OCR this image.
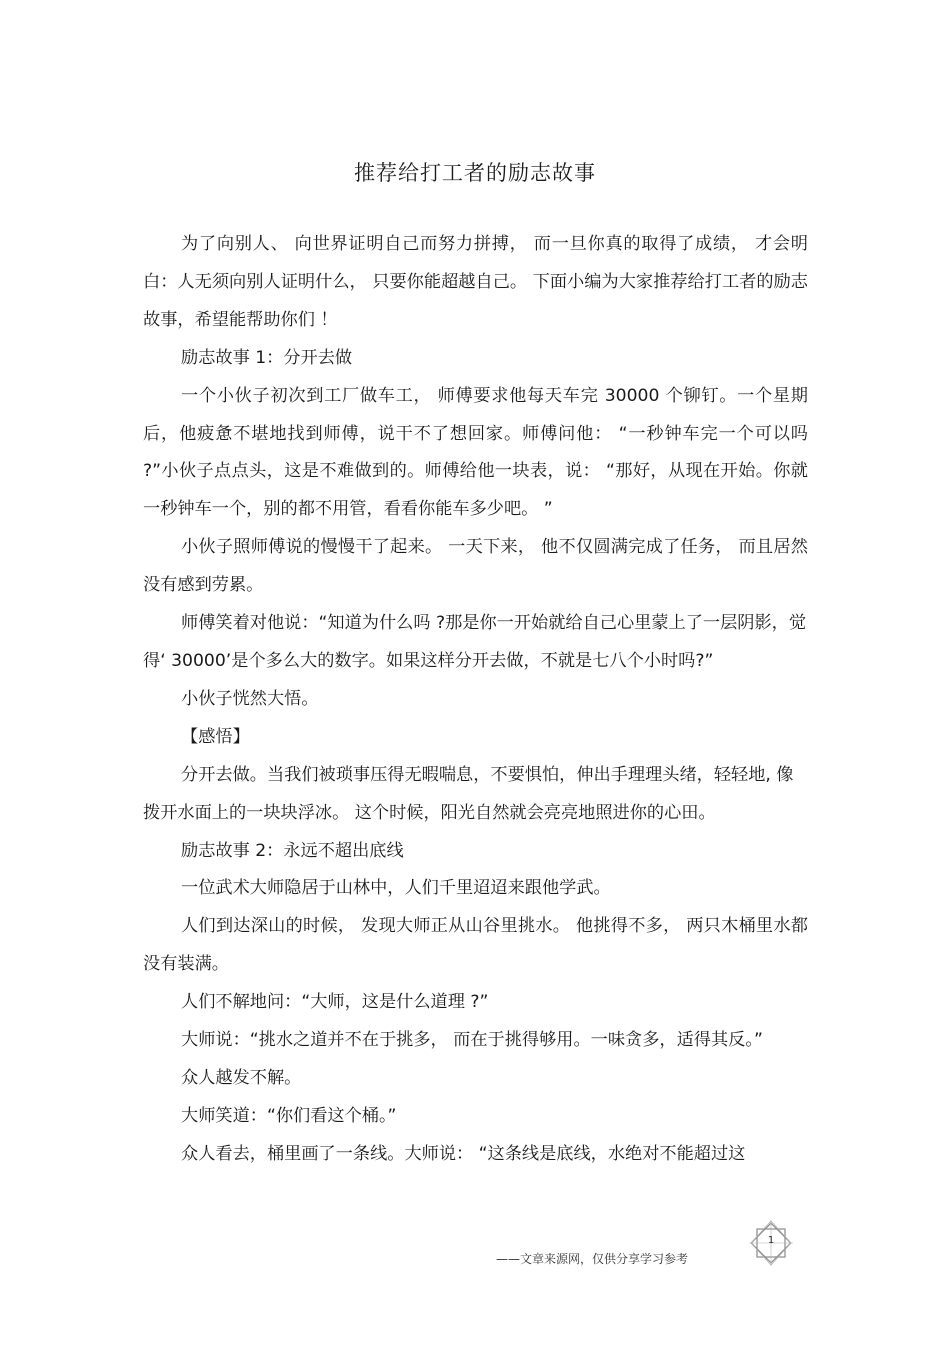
推荐给打工者的励志故事

为了向别人、 向世界证明自己而努力拼搏， 而一旦你真的取得了成绩， 才会明白：人无须向别人证明什么， 只要你能超越自己。 下面小编为大家推荐给打工者的励志故事，希望能帮助你们 ！

励志故事 1：分开去做

一个小伙子初次到工厂做车工， 师傅要求他每天车完 30000 个铆钉。一个星期后，他疲惫不堪地找到师傅，说干不了想回家。师傅问他： “一秒钟车完一个可以吗 ?”小伙子点点头，这是不难做到的。师傅给他一块表，说： “那好，从现在开始。你就一秒钟车一个，别的都不用管，看看你能车多少吧。 ”

小伙子照师傅说的慢慢干了起来。 一天下来， 他不仅圆满完成了任务， 而且居然没有感到劳累。

师傅笑着对他说：“知道为什么吗 ?那是你一开始就给自己心里蒙上了一层阴影，觉得‘ 30000’是个多么大的数字。如果这样分开去做，不就是七八个小时吗?”

小伙子恍然大悟。

【感悟】

分开去做。当我们被琐事压得无暇喘息，不要惧怕，伸出手理理头绪，轻轻地, 像拨开水面上的一块块浮冰。 这个时候，阳光自然就会亮亮地照进你的心田。

励志故事 2：永远不超出底线

一位武术大师隐居于山林中，人们千里迢迢来跟他学武。

人们到达深山的时候， 发现大师正从山谷里挑水。 他挑得不多， 两只木桶里水都没有装满。

人们不解地问：“大师，这是什么道理 ?”

大师说：“挑水之道并不在于挑多， 而在于挑得够用。一味贪多，适得其反。”

众人越发不解。

大师笑道：“你们看这个桶。”

众人看去，桶里画了一条线。大师说： “这条线是底线，水绝对不能超过这

1
——文章来源网，仅供分享学习参考
